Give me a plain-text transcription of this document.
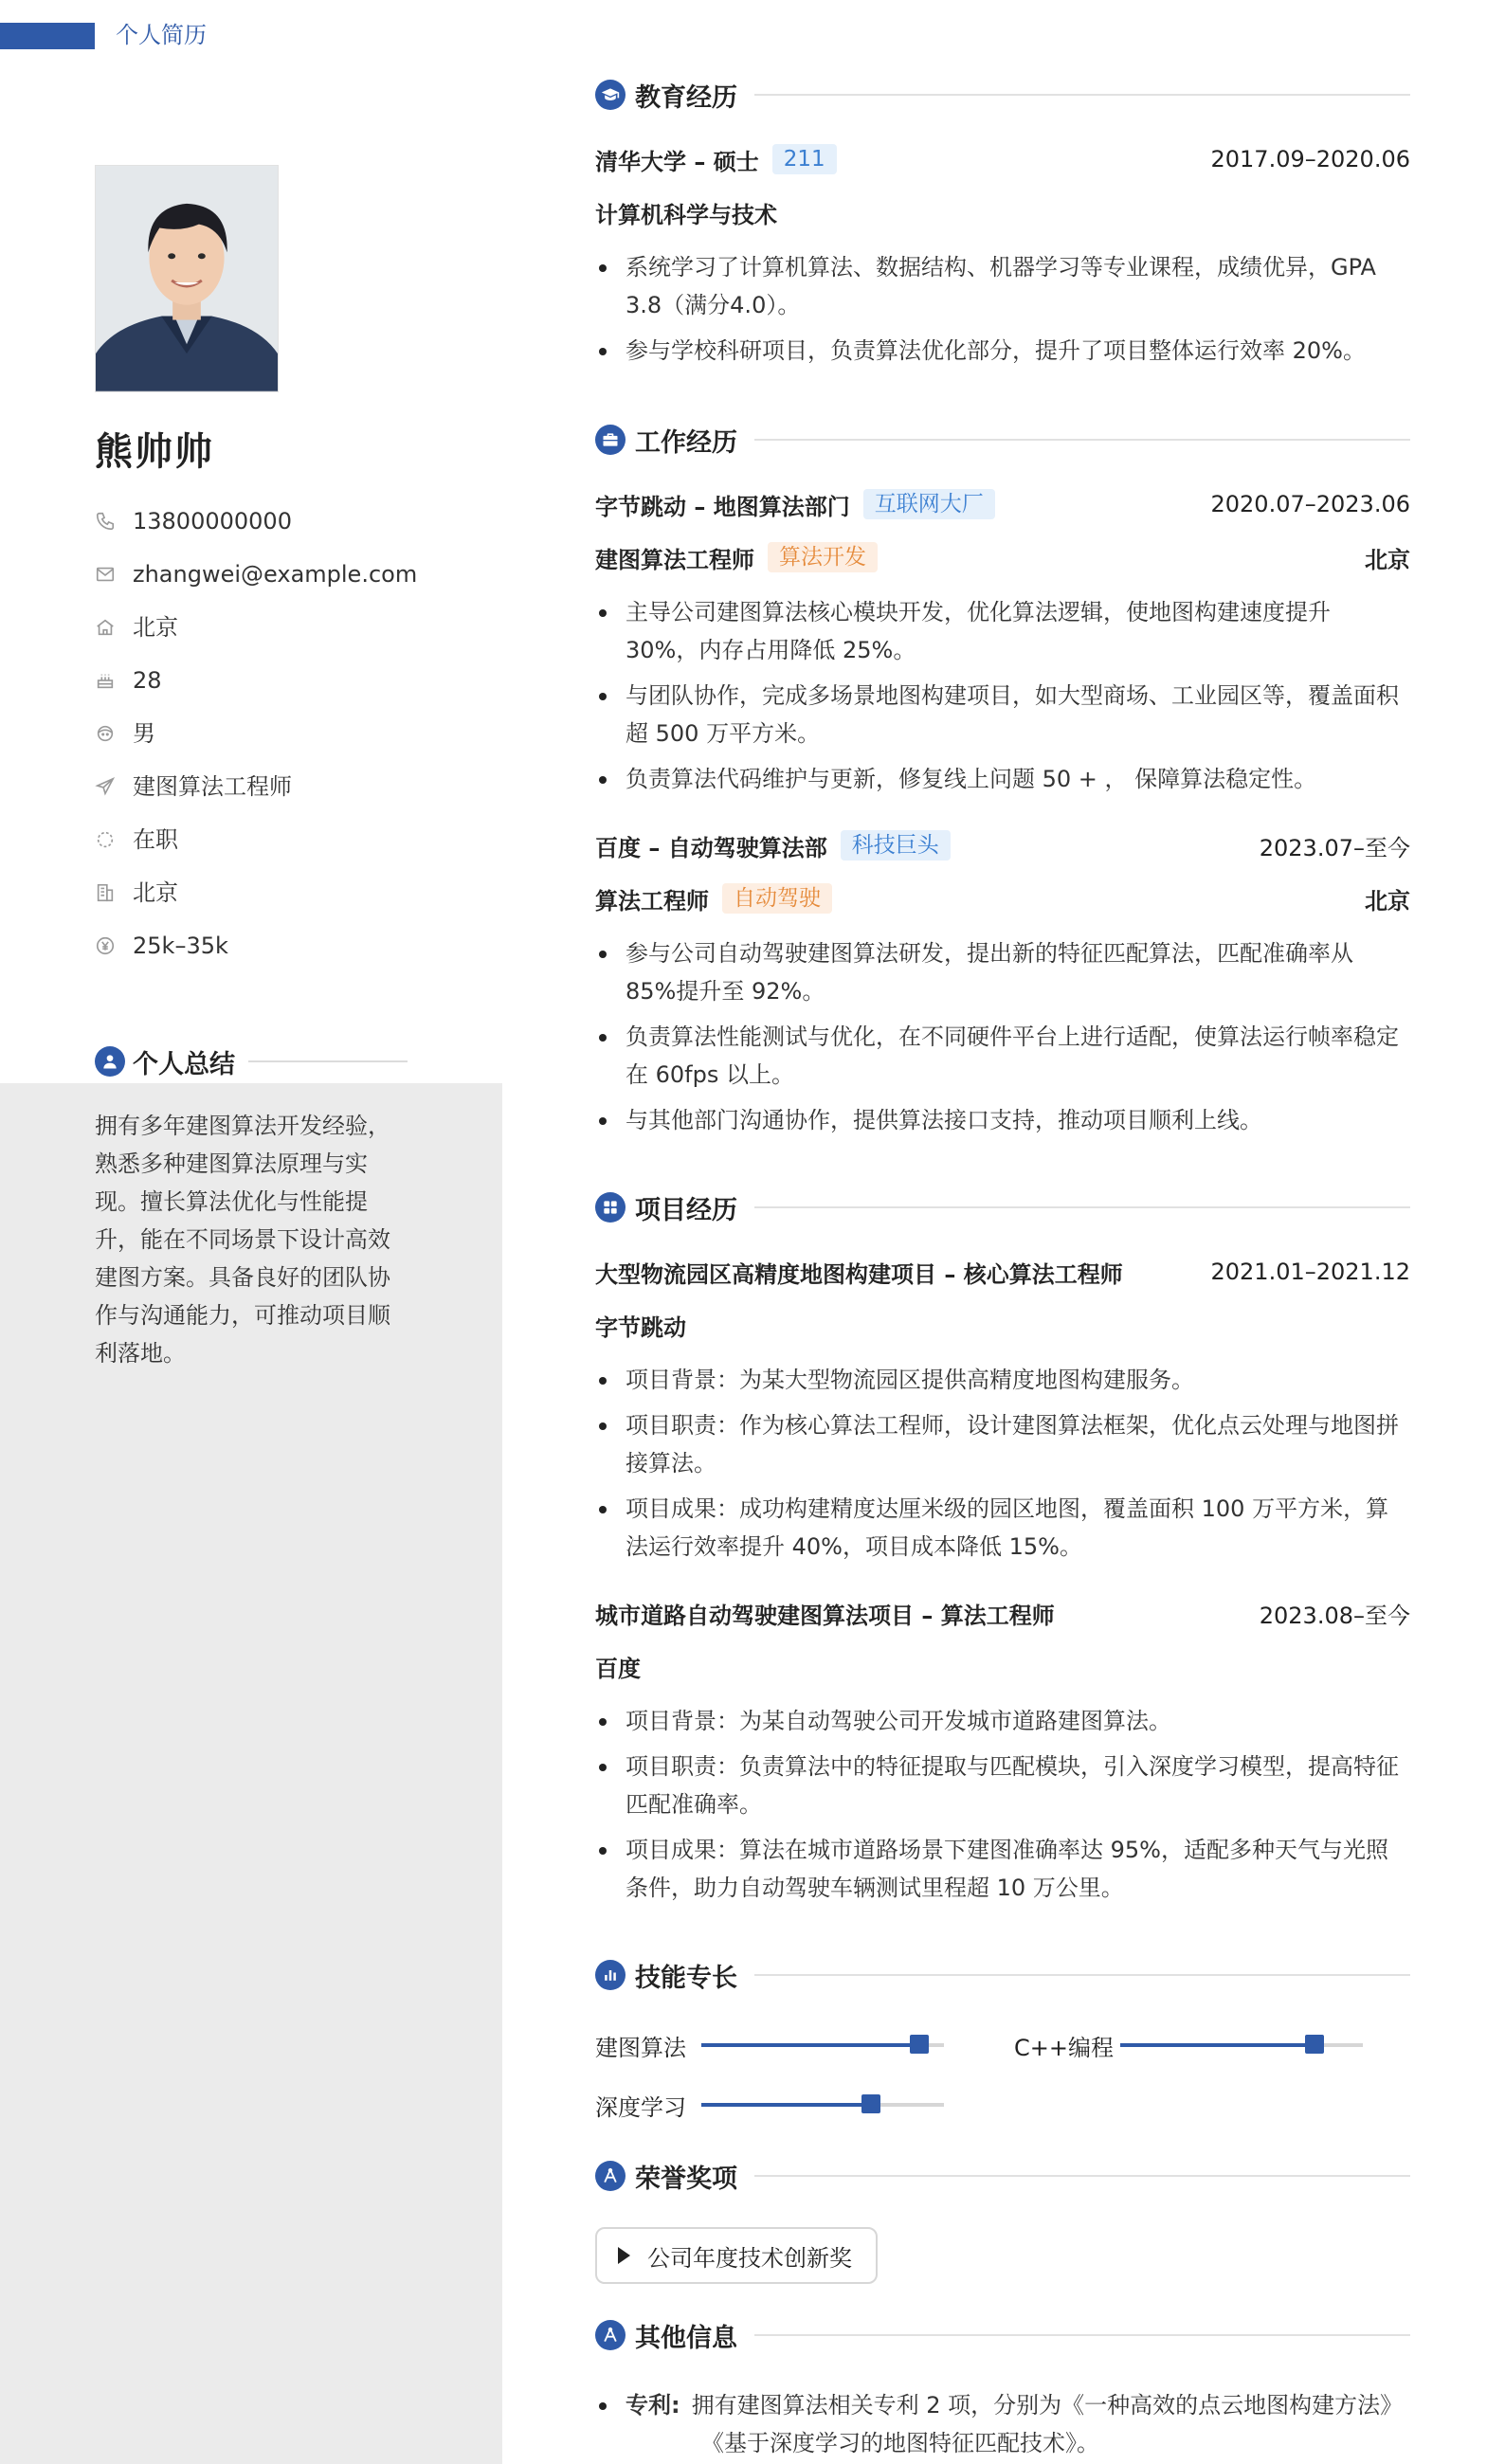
个人简历
熊帅帅
13800000000
zhangwei@example.com
北京
28
男
建图算法工程师
在职
北京
25k–35k
个人总结
拥有多年建图算法开发经验，熟悉多种建图算法原理与实现。擅长算法优化与性能提升，能在不同场景下设计高效建图方案。具备良好的团队协作与沟通能力，可推动项目顺利落地。
教育经历
清华大学 – 硕士	211	2017.09–2020.06
计算机科学与技术
系统学习了计算机算法、数据结构、机器学习等专业课程，成绩优异，GPA 3.8（满分4.0）。
参与学校科研项目，负责算法优化部分，提升了项目整体运行效率 20%。
工作经历
字节跳动 – 地图算法部门	互联网大厂	2020.07–2023.06
建图算法工程师	算法开发	北京
主导公司建图算法核心模块开发，优化算法逻辑，使地图构建速度提升 30%，内存占用降低 25%。
与团队协作，完成多场景地图构建项目，如大型商场、工业园区等，覆盖面积超 500 万平方米。
负责算法代码维护与更新，修复线上问题 50 + ， 保障算法稳定性。
百度 – 自动驾驶算法部	科技巨头	2023.07–至今
算法工程师	自动驾驶	北京
参与公司自动驾驶建图算法研发，提出新的特征匹配算法，匹配准确率从 85%提升至 92%。
负责算法性能测试与优化，在不同硬件平台上进行适配，使算法运行帧率稳定在 60fps 以上。
与其他部门沟通协作，提供算法接口支持，推动项目顺利上线。
项目经历
大型物流园区高精度地图构建项目 – 核心算法工程师	2021.01–2021.12
字节跳动
项目背景：为某大型物流园区提供高精度地图构建服务。
项目职责：作为核心算法工程师，设计建图算法框架，优化点云处理与地图拼接算法。
项目成果：成功构建精度达厘米级的园区地图，覆盖面积 100 万平方米，算法运行效率提升 40%，项目成本降低 15%。
城市道路自动驾驶建图算法项目 – 算法工程师	2023.08–至今
百度
项目背景：为某自动驾驶公司开发城市道路建图算法。
项目职责：负责算法中的特征提取与匹配模块，引入深度学习模型，提高特征匹配准确率。
项目成果：算法在城市道路场景下建图准确率达 95%，适配多种天气与光照条件，助力自动驾驶车辆测试里程超 10 万公里。
技能专长
建图算法	C++编程
深度学习
荣誉奖项
公司年度技术创新奖
其他信息
专利: 拥有建图算法相关专利 2 项，分别为《一种高效的点云地图构建方法》
《基于深度学习的地图特征匹配技术》。
